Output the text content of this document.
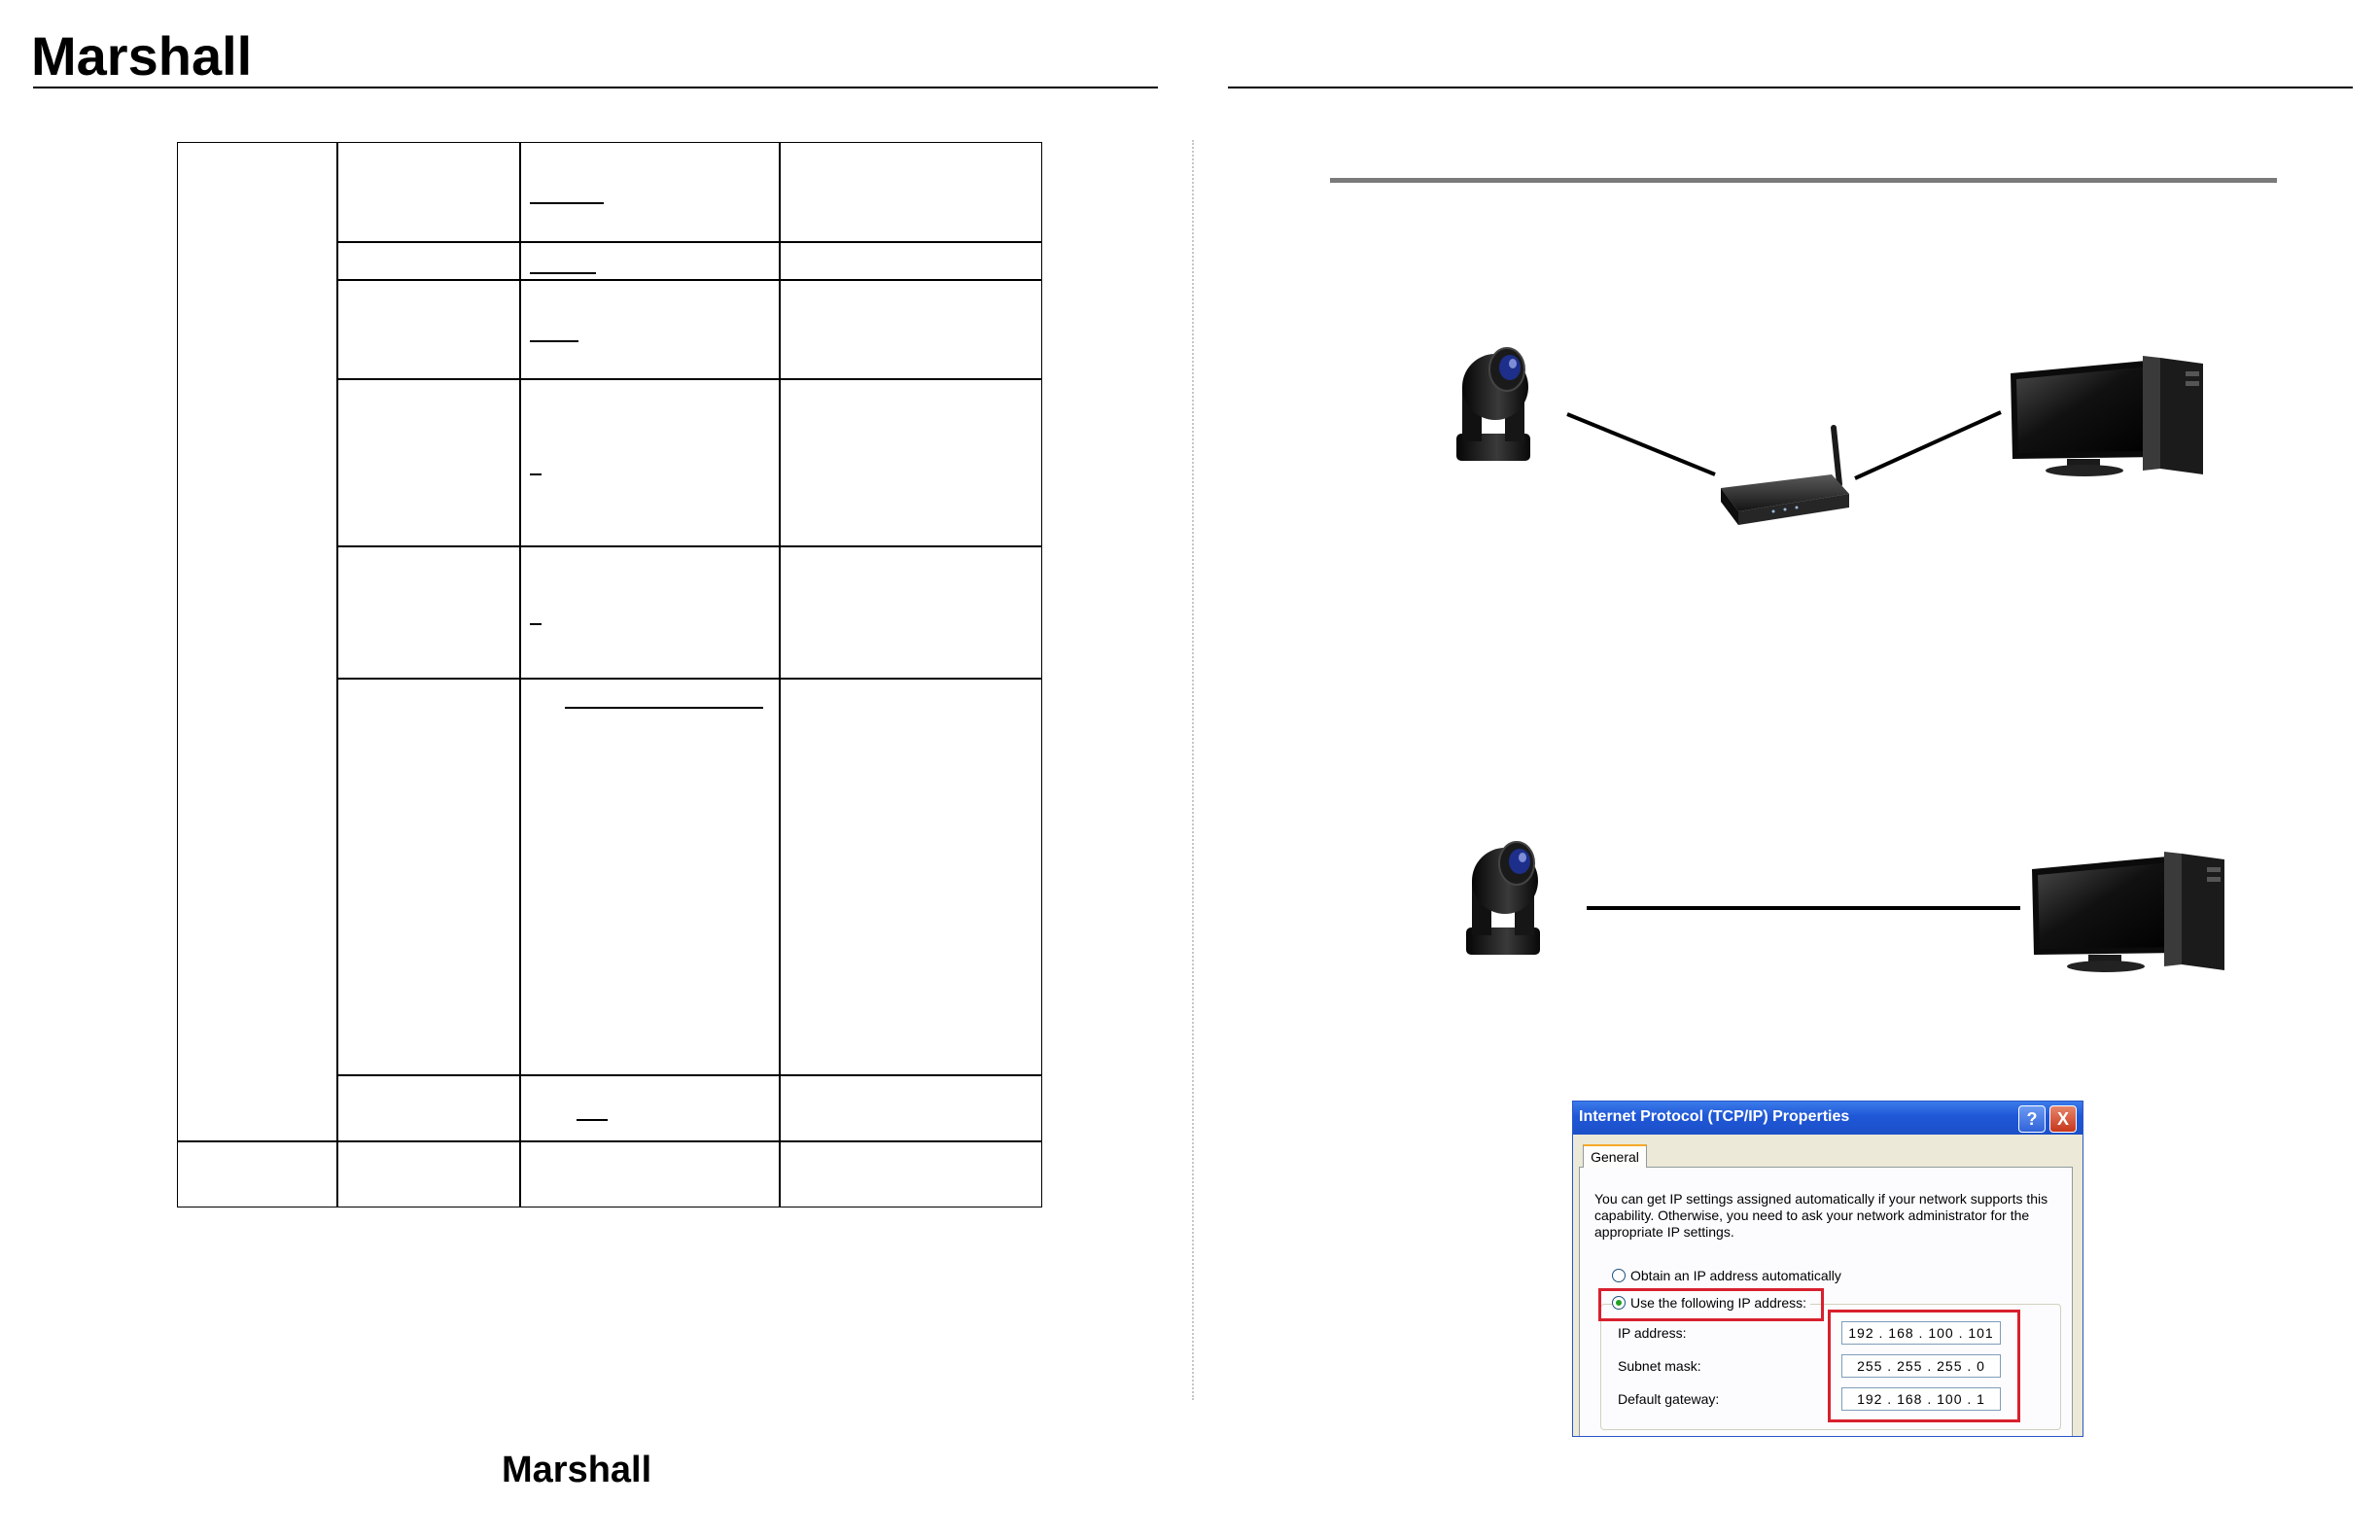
Marshall
Marshall
Internet Protocol (TCP/IP) Properties	?	X
General
You can get IP settings assigned automatically if your network supports this capability. Otherwise, you need to ask your network administrator for the appropriate IP settings.
Obtain an IP address automatically
Use the following IP address:
IP address:
Subnet mask:
Default gateway:
192 . 168 . 100 . 101
255 . 255 . 255 . 0
192 . 168 . 100 . 1
